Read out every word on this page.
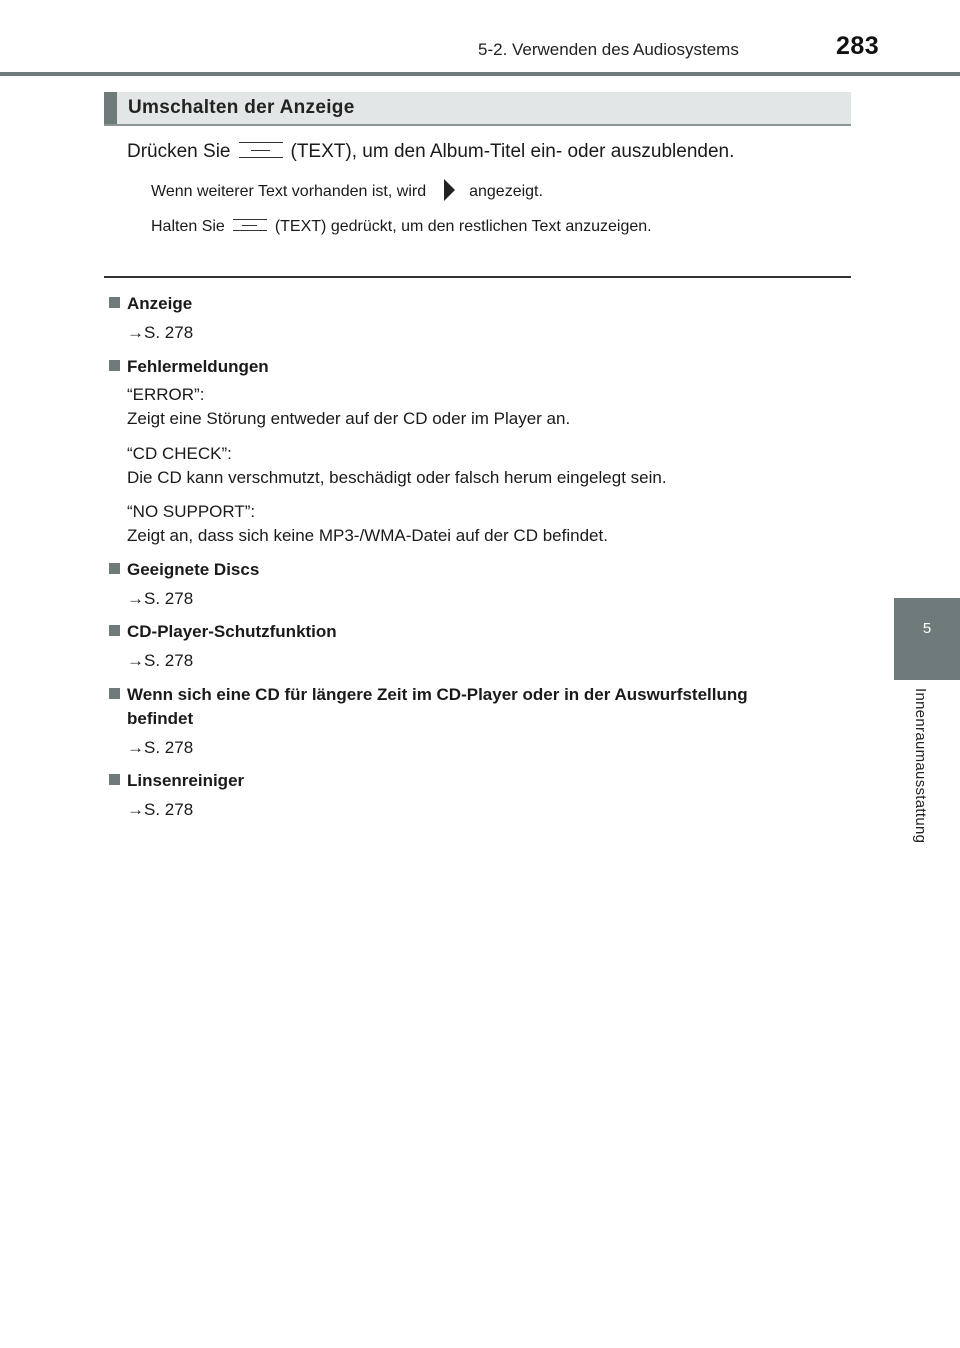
5-2. Verwenden des Audiosystems	283
5
Innenraumausstattung
Umschalten der Anzeige
Drücken Sie	(TEXT), um den Album-Titel ein- oder auszublenden.
Wenn weiterer Text vorhanden ist, wird	angezeigt.
Halten Sie	(TEXT) gedrückt, um den restlichen Text anzuzeigen.
Anzeige
→S. 278
Fehlermeldungen
“ERROR”:
Zeigt eine Störung entweder auf der CD oder im Player an.
“CD CHECK”:
Die CD kann verschmutzt, beschädigt oder falsch herum eingelegt sein.
“NO SUPPORT”:
Zeigt an, dass sich keine MP3-/WMA-Datei auf der CD befindet.
Geeignete Discs
→S. 278
CD-Player-Schutzfunktion
→S. 278
Wenn sich eine CD für längere Zeit im CD-Player oder in der Auswurfstellung
befindet
→S. 278
Linsenreiniger
→S. 278
